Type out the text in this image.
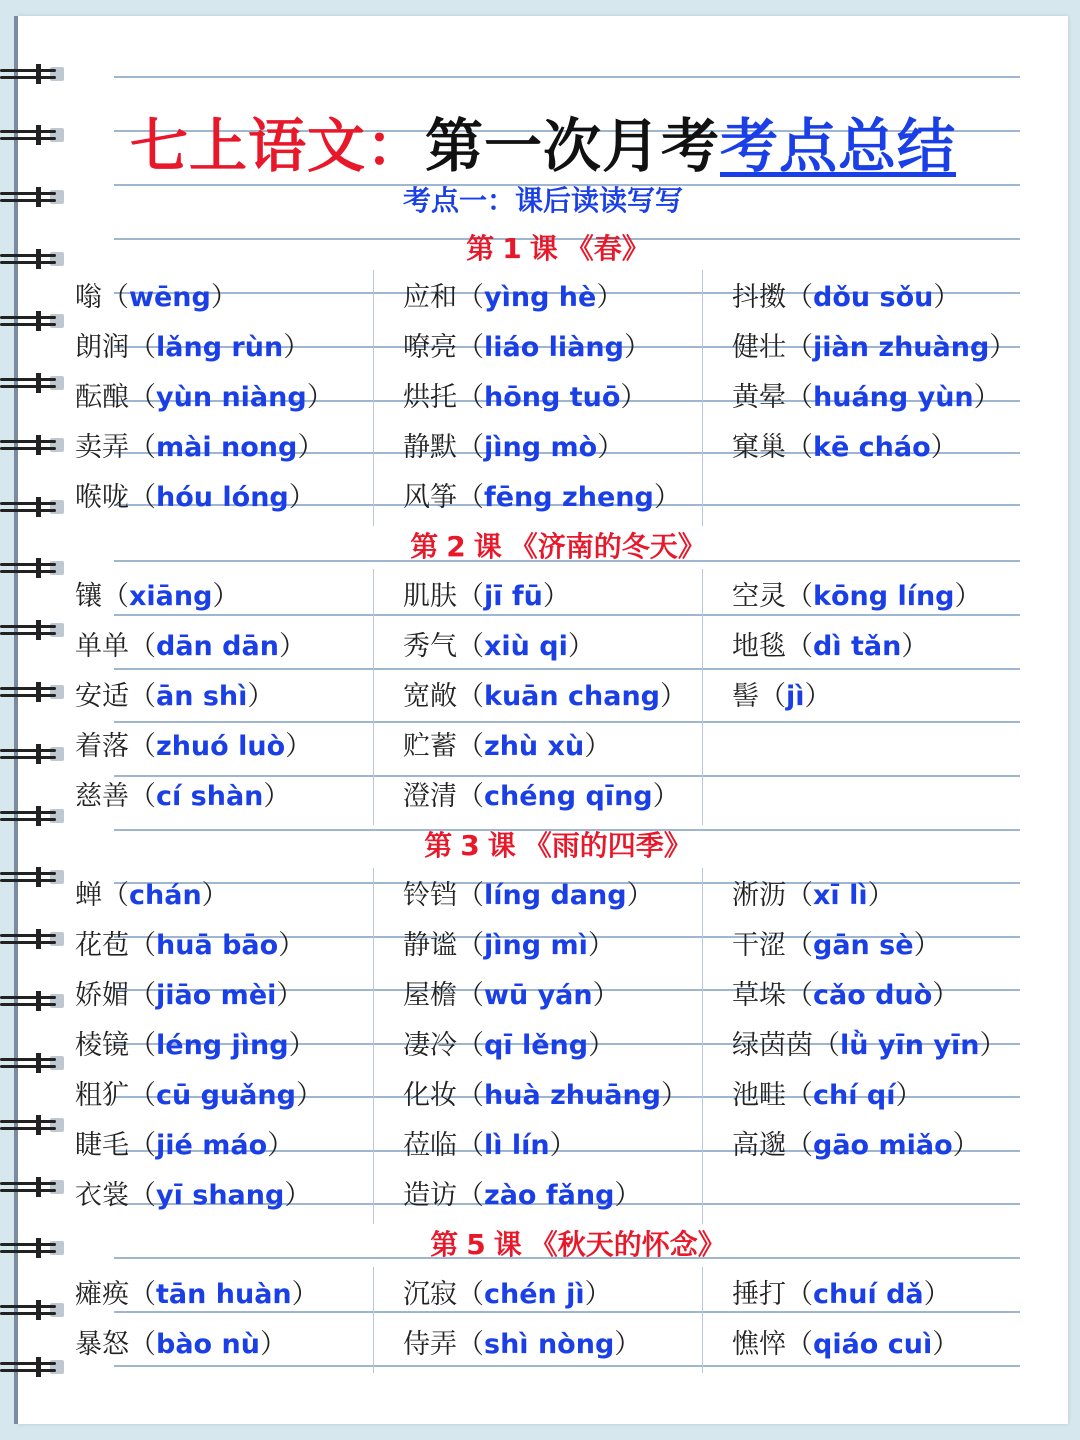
七上语文：第一次月考考点总结
考点一：课后读读写写
第 1 课 《春》
嗡（wēng）
朗润（lǎng rùn）
酝酿（yùn niàng）
卖弄（mài nong）
喉咙（hóu lóng）
应和（yìng hè）
嘹亮（liáo liàng）
烘托（hōng tuō）
静默（jìng mò）
风筝（fēng zheng）
抖擞（dǒu sǒu）
健壮（jiàn zhuàng）
黄晕（huáng yùn）
窠巢（kē cháo）
第 2 课 《济南的冬天》
镶（xiāng）
单单（dān dān）
安适（ān shì）
着落（zhuó luò）
慈善（cí shàn）
肌肤（jī fū）
秀气（xiù qi）
宽敞（kuān chang）
贮蓄（zhù xù）
澄清（chéng qīng）
空灵（kōng líng）
地毯（dì tǎn）
髻（jì）
第 3 课 《雨的四季》
蝉（chán）
花苞（huā bāo）
娇媚（jiāo mèi）
棱镜（léng jìng）
粗犷（cū guǎng）
睫毛（jié máo）
衣裳（yī shang）
铃铛（líng dang）
静谧（jìng mì）
屋檐（wū yán）
凄冷（qī lěng）
化妆（huà zhuāng）
莅临（lì lín）
造访（zào fǎng）
淅沥（xī lì）
干涩（gān sè）
草垛（cǎo duò）
绿茵茵（lǜ yīn yīn）
池畦（chí qí）
高邈（gāo miǎo）
第 5 课 《秋天的怀念》
瘫痪（tān huàn）
暴怒（bào nù）
沉寂（chén jì）
侍弄（shì nòng）
捶打（chuí dǎ）
憔悴（qiáo cuì）
